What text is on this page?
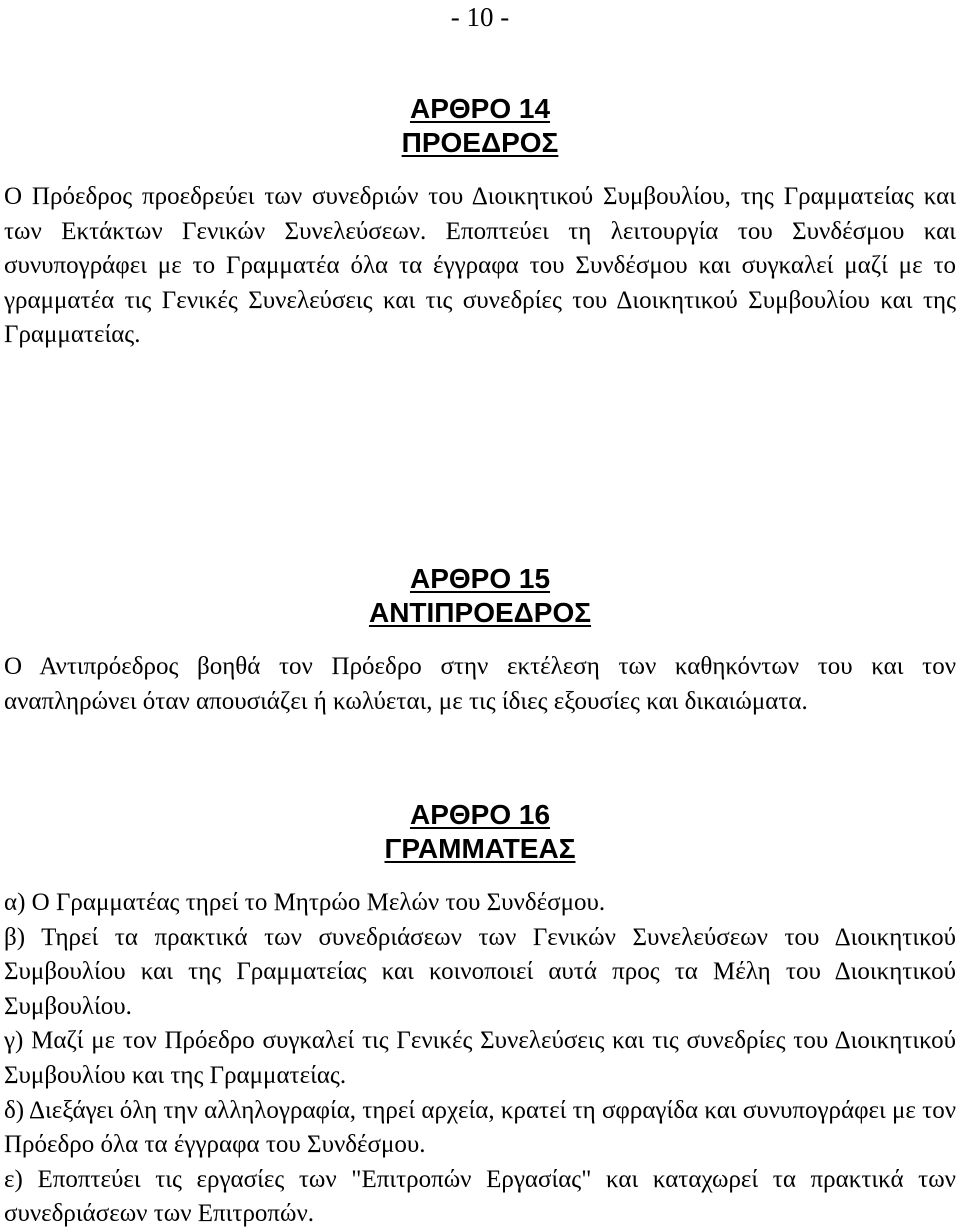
- 10 -
ΑΡΘΡΟ 14
ΠΡΟΕΔΡΟΣ

Ο Πρόεδρος προεδρεύει των συνεδριών του Διοικητικού Συμβουλίου, της Γραμματείας και των Εκτάκτων Γενικών Συνελεύσεων. Εποπτεύει τη λειτουργία του Συνδέσμου και συνυπογράφει με το Γραμματέα όλα τα έγγραφα του Συνδέσμου και συγκαλεί μαζί με το γραμματέα τις Γενικές Συνελεύσεις και τις συνεδρίες του Διοικητικού Συμβουλίου και της Γραμματείας.

ΑΡΘΡΟ 15
ΑΝΤΙΠΡΟΕΔΡΟΣ

Ο Αντιπρόεδρος βοηθά τον Πρόεδρο στην εκτέλεση των καθηκόντων του και τον αναπληρώνει όταν απουσιάζει ή κωλύεται, με τις ίδιες εξουσίες και δικαιώματα.

ΑΡΘΡΟ 16
ΓΡΑΜΜΑΤΕΑΣ

α) Ο Γραμματέας τηρεί το Μητρώο Μελών του Συνδέσμου.

β) Τηρεί τα πρακτικά των συνεδριάσεων των Γενικών Συνελεύσεων του Διοικητικού Συμβουλίου και της Γραμματείας και κοινοποιεί αυτά προς τα Μέλη του Διοικητικού Συμβουλίου.

γ) Μαζί με τον Πρόεδρο συγκαλεί τις Γενικές Συνελεύσεις και τις συνεδρίες του Διοικητικού Συμβουλίου και της Γραμματείας.

δ) Διεξάγει όλη την αλληλογραφία, τηρεί αρχεία, κρατεί τη σφραγίδα και συνυπογράφει με τον Πρόεδρο όλα τα έγγραφα του Συνδέσμου.

ε) Εποπτεύει τις εργασίες των "Επιτροπών Εργασίας" και καταχωρεί τα πρακτικά των συνεδριάσεων των Επιτροπών.
